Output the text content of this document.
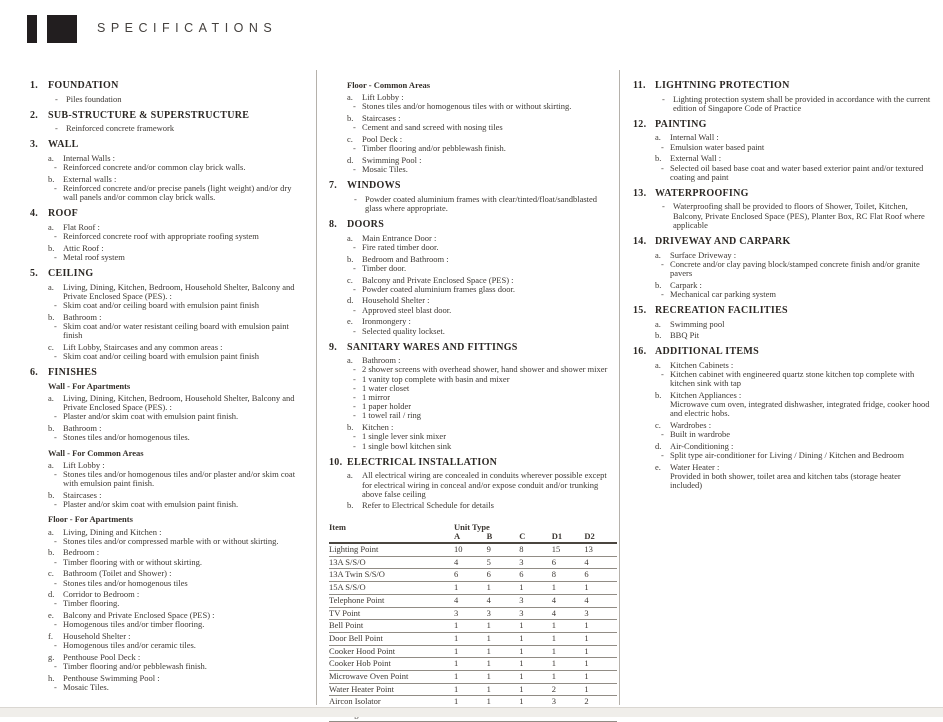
SPECIFICATIONS
1. FOUNDATION
- Piles foundation
2. SUB-STRUCTURE & SUPERSTRUCTURE
- Reinforced concrete framework
3. WALL
a.	Internal Walls :
- Reinforced concrete and/or common clay brick walls.
b.	External walls :
- Reinforced concrete and/or precise panels (light weight) and/or dry wall panels and/or common clay brick walls.
4. ROOF
a.	Flat Roof :
- Reinforced concrete roof with appropriate roofing system
b.	Attic Roof :
- Metal roof system
5. CEILING
a.	Living, Dining, Kitchen, Bedroom, Household Shelter, Balcony and Private Enclosed Space (PES). :
- Skim coat and/or ceiling board with emulsion paint finish
b.	Bathroom :
- Skim coat and/or water resistant ceiling board with emulsion paint finish
c.	Lift Lobby, Staircases and any common areas :
- Skim coat and/or ceiling board with emulsion paint finish
6. FINISHES
Wall - For Apartments
a.	Living, Dining, Kitchen, Bedroom, Household Shelter, Balcony and Private Enclosed Space (PES). :
- Plaster and/or skim coat with emulsion paint finish.
b.	Bathroom :
- Stones tiles and/or homogenous tiles.
Wall - For Common Areas
a.	Lift Lobby :
- Stones tiles and/or homogenous tiles and/or plaster and/or skim coat with emulsion paint finish.
b.	Staircases :
- Plaster and/or skim coat with emulsion paint finish.
Floor - For Apartments
a.	Living, Dining and Kitchen :
- Stones tiles and/or compressed marble with or without skirting.
b.	Bedroom :
- Timber flooring with or without skirting.
c.	Bathroom (Toilet and Shower) :
- Stones tiles and/or homogenous tiles
d.	Corridor to Bedroom :
- Timber flooring.
e.	Balcony and Private Enclosed Space (PES) :
- Homogenous tiles and/or timber flooring.
f.	Household Shelter :
- Homogenous tiles and/or ceramic tiles.
g.	Penthouse Pool Deck :
- Timber flooring and/or pebblewash finish.
h.	Penthouse Swimming Pool :
- Mosaic Tiles.
Floor - Common Areas
a.	Lift Lobby :
- Stones tiles and/or homogenous tiles with or without skirting.
b.	Staircases :
- Cement and sand screed with nosing tiles
c.	Pool Deck :
- Timber flooring and/or pebblewash finish.
d.	Swimming Pool :
- Mosaic Tiles.
7. WINDOWS
- Powder coated aluminium frames with clear/tinted/float/sandblasted glass where appropriate.
8. DOORS
a.	Main Entrance Door :
- Fire rated timber door.
b.	Bedroom and Bathroom :
- Timber door.
c.	Balcony and Private Enclosed Space (PES) :
- Powder coated aluminium frames glass door.
d.	Household Shelter :
- Approved steel blast door.
e.	Ironmongery :
- Selected quality lockset.
9. SANITARY WARES AND FITTINGS
a.	Bathroom :
- 2 shower screens with overhead shower, hand shower and shower mixer
- 1 vanity top complete with basin and mixer
- 1 water closet
- 1 mirror
- 1 paper holder
- 1 towel rail / ring
b.	Kitchen :
- 1 single lever sink mixer
- 1 single bowl kitchen sink
10. ELECTRICAL INSTALLATION
a.	All electrical wiring are concealed in conduits wherever possible except for electrical wiring in conceal and/or expose conduit and/or trunking above false ceiling
b.	Refer to Electrical Schedule for details
Item	Unit Type
A	B	C	D1	D2
Lighting Point	10	9	8	15	13
13A S/S/O	4	5	3	6	4
13A Twin S/S/O	6	6	6	8	6
15A S/S/O	1	1	1	1	1
Telephone Point	4	4	3	4	4
TV Point	3	3	3	4	3
Bell Point	1	1	1	1	1
Door Bell Point	1	1	1	1	1
Cooker Hood Point	1	1	1	1	1
Cooker Hob Point	1	1	1	1	1
Microwave Oven Point	1	1	1	1	1
Water Heater Point	1	1	1	2	1
Aircon Isolator	1	1	1	3	2
11. LIGHTNING PROTECTION
- Lighting protection system shall be provided in accordance with the current edition of Singapore Code of Practice
12. PAINTING
a.	Internal Wall :
- Emulsion water based paint
b.	External Wall :
- Selected oil based base coat and water based exterior paint and/or textured coating and paint
13. WATERPROOFING
- Waterproofing shall be provided to floors of Shower, Toilet, Kitchen, Balcony, Private Enclosed Space (PES), Planter Box, RC Flat Roof where applicable
14. DRIVEWAY AND CARPARK
a.	Surface Driveway :
- Concrete and/or clay paving block/stamped concrete finish and/or granite pavers
b.	Carpark :
- Mechanical car parking system
15. RECREATION FACILITIES
a.	Swimming pool
b.	BBQ Pit
16. ADDITIONAL ITEMS
a.	Kitchen Cabinets :
- Kitchen cabinet with engineered quartz stone kitchen top complete with kitchen sink with tap
b.	Kitchen Appliances :
Microwave cum oven, integrated dishwasher, integrated fridge, cooker hood and electric hobs.
c.	Wardrobes :
- Built in wardrobe
d.	Air-Conditioning :
- Split type air-conditioner for Living / Dining / Kitchen and Bedroom
e.	Water Heater :
Provided in both shower, toilet area and kitchen tabs (storage heater included)
